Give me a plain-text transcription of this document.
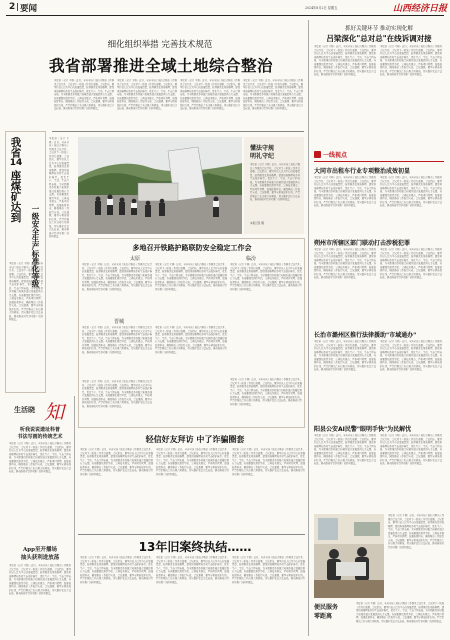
2 要闻	2024年8月2日 星期五	山西经济日报
细化组织举措 完善技术规范
我省部署推进全域土地综合整治
本报讯（记者 王晓）近日，全省全域土地综合整治工作推进会议召开，会议对下一阶段工作进行部署。会议指出，要坚持以人民为中心的发展思想，统筹推进农用地整理、建设用地整理和乡村生态保护修复，优化生产、生活、生态空间布局，为全面推进乡村振兴和城乡融合发展提供有力支撑。各地要细化组织举措，完善技术规范，严格项目管理，加强监督检查，确保整治工作取得实效。会议强调，要坚守耕地保护红线，严禁借整治之名违规占用耕地，切实维护农民合法权益，推动形成可复制可推广的经验做法。
本报讯（记者 王晓）近日，全省全域土地综合整治工作推进会议召开，会议对下一阶段工作进行部署。会议指出，要坚持以人民为中心的发展思想，统筹推进农用地整理、建设用地整理和乡村生态保护修复，优化生产、生活、生态空间布局，为全面推进乡村振兴和城乡融合发展提供有力支撑。各地要细化组织举措，完善技术规范，严格项目管理，加强监督检查，确保整治工作取得实效。会议强调，要坚守耕地保护红线，严禁借整治之名违规占用耕地，切实维护农民合法权益，推动形成可复制可推广的经验做法。
本报讯（记者 王晓）近日，全省全域土地综合整治工作推进会议召开，会议对下一阶段工作进行部署。会议指出，要坚持以人民为中心的发展思想，统筹推进农用地整理、建设用地整理和乡村生态保护修复，优化生产、生活、生态空间布局，为全面推进乡村振兴和城乡融合发展提供有力支撑。各地要细化组织举措，完善技术规范，严格项目管理，加强监督检查，确保整治工作取得实效。会议强调，要坚守耕地保护红线，严禁借整治之名违规占用耕地，切实维护农民合法权益，推动形成可复制可推广的经验做法。
本报讯（记者 王晓）近日，全省全域土地综合整治工作推进会议召开，会议对下一阶段工作进行部署。会议指出，要坚持以人民为中心的发展思想，统筹推进农用地整理、建设用地整理和乡村生态保护修复，优化生产、生活、生态空间布局，为全面推进乡村振兴和城乡融合发展提供有力支撑。各地要细化组织举措，完善技术规范，严格项目管理，加强监督检查，确保整治工作取得实效。会议强调，要坚守耕地保护红线，严禁借整治之名违规占用耕地，切实维护农民合法权益，推动形成可复制可推广的经验做法。
我省
14
座煤矿达到
一级安全生产标准化等级
本报讯（记者 王晓）近日，全省全域土地综合整治工作推进会议召开，会议对下一阶段工作进行部署。会议指出，要坚持以人民为中心的发展思想，统筹推进农用地整理、建设用地整理和乡村生态保护修复，优化生产、生活、生态空间布局，为全面推进乡村振兴和城乡融合发展提供有力支撑。各地要细化组织举措，完善技术规范，严格项目管理，加强监督检查，确保整治工作取得实效。会议强调，要坚守耕地保护红线，严禁借整治之名违规占用耕地，切实维护农民合法权益，推动形成可复制可推广的经验做法。
本报讯（记者 王晓）近日，全省全域土地综合整治工作推进会议召开，会议对下一阶段工作进行部署。会议指出，要坚持以人民为中心的发展思想，统筹推进农用地整理、建设用地整理和乡村生态保护修复，优化生产、生活、生态空间布局，为全面推进乡村振兴和城乡融合发展提供有力支撑。各地要细化组织举措，完善技术规范，严格项目管理，加强监督检查，确保整治工作取得实效。会议强调，要坚守耕地保护红线，严禁借整治之名违规占用耕地，切实维护农民合法权益，推动形成可复制可推广的经验做法。
生活晓 知
听我说说遗址科普
书法写画的传统艺术
本报讯（记者 王晓）近日，全省全域土地综合整治工作推进会议召开，会议对下一阶段工作进行部署。会议指出，要坚持以人民为中心的发展思想，统筹推进农用地整理、建设用地整理和乡村生态保护修复，优化生产、生活、生态空间布局，为全面推进乡村振兴和城乡融合发展提供有力支撑。各地要细化组织举措，完善技术规范，严格项目管理，加强监督检查，确保整治工作取得实效。会议强调，要坚守耕地保护红线，严禁借整治之名违规占用耕地，切实维护农民合法权益，推动形成可复制可推广的经验做法。
App至开播场
抽头获利进放荡
本报讯（记者 王晓）近日，全省全域土地综合整治工作推进会议召开，会议对下一阶段工作进行部署。会议指出，要坚持以人民为中心的发展思想，统筹推进农用地整理、建设用地整理和乡村生态保护修复，优化生产、生活、生态空间布局，为全面推进乡村振兴和城乡融合发展提供有力支撑。各地要细化组织举措，完善技术规范，严格项目管理，加强监督检查，确保整治工作取得实效。会议强调，要坚守耕地保护红线，严禁借整治之名违规占用耕地，切实维护农民合法权益，推动形成可复制可推广的经验做法。
懂法守规
明礼守纪
本报讯（记者 王晓）近日，全省全域土地综合整治工作推进会议召开，会议对下一阶段工作进行部署。会议指出，要坚持以人民为中心的发展思想，统筹推进农用地整理、建设用地整理和乡村生态保护修复，优化生产、生活、生态空间布局，为全面推进乡村振兴和城乡融合发展提供有力支撑。各地要细化组织举措，完善技术规范，严格项目管理，加强监督检查，确保整治工作取得实效。会议强调，要坚守耕地保护红线，严禁借整治之名违规占用耕地，切实维护农民合法权益，推动形成可复制可推广的经验做法。
本报记者 摄
多地召开铁路护路联防安全稳定工作会
太原	临汾
本报讯（记者 王晓）近日，全省全域土地综合整治工作推进会议召开，会议对下一阶段工作进行部署。会议指出，要坚持以人民为中心的发展思想，统筹推进农用地整理、建设用地整理和乡村生态保护修复，优化生产、生活、生态空间布局，为全面推进乡村振兴和城乡融合发展提供有力支撑。各地要细化组织举措，完善技术规范，严格项目管理，加强监督检查，确保整治工作取得实效。会议强调，要坚守耕地保护红线，严禁借整治之名违规占用耕地，切实维护农民合法权益，推动形成可复制可推广的经验做法。
本报讯（记者 王晓）近日，全省全域土地综合整治工作推进会议召开，会议对下一阶段工作进行部署。会议指出，要坚持以人民为中心的发展思想，统筹推进农用地整理、建设用地整理和乡村生态保护修复，优化生产、生活、生态空间布局，为全面推进乡村振兴和城乡融合发展提供有力支撑。各地要细化组织举措，完善技术规范，严格项目管理，加强监督检查，确保整治工作取得实效。会议强调，要坚守耕地保护红线，严禁借整治之名违规占用耕地，切实维护农民合法权益，推动形成可复制可推广的经验做法。
本报讯（记者 王晓）近日，全省全域土地综合整治工作推进会议召开，会议对下一阶段工作进行部署。会议指出，要坚持以人民为中心的发展思想，统筹推进农用地整理、建设用地整理和乡村生态保护修复，优化生产、生活、生态空间布局，为全面推进乡村振兴和城乡融合发展提供有力支撑。各地要细化组织举措，完善技术规范，严格项目管理，加强监督检查，确保整治工作取得实效。会议强调，要坚守耕地保护红线，严禁借整治之名违规占用耕地，切实维护农民合法权益，推动形成可复制可推广的经验做法。
晋城
本报讯（记者 王晓）近日，全省全域土地综合整治工作推进会议召开，会议对下一阶段工作进行部署。会议指出，要坚持以人民为中心的发展思想，统筹推进农用地整理、建设用地整理和乡村生态保护修复，优化生产、生活、生态空间布局，为全面推进乡村振兴和城乡融合发展提供有力支撑。各地要细化组织举措，完善技术规范，严格项目管理，加强监督检查，确保整治工作取得实效。会议强调，要坚守耕地保护红线，严禁借整治之名违规占用耕地，切实维护农民合法权益，推动形成可复制可推广的经验做法。
本报讯（记者 王晓）近日，全省全域土地综合整治工作推进会议召开，会议对下一阶段工作进行部署。会议指出，要坚持以人民为中心的发展思想，统筹推进农用地整理、建设用地整理和乡村生态保护修复，优化生产、生活、生态空间布局，为全面推进乡村振兴和城乡融合发展提供有力支撑。各地要细化组织举措，完善技术规范，严格项目管理，加强监督检查，确保整治工作取得实效。会议强调，要坚守耕地保护红线，严禁借整治之名违规占用耕地，切实维护农民合法权益，推动形成可复制可推广的经验做法。
本报讯（记者 王晓）近日，全省全域土地综合整治工作推进会议召开，会议对下一阶段工作进行部署。会议指出，要坚持以人民为中心的发展思想，统筹推进农用地整理、建设用地整理和乡村生态保护修复，优化生产、生活、生态空间布局，为全面推进乡村振兴和城乡融合发展提供有力支撑。各地要细化组织举措，完善技术规范，严格项目管理，加强监督检查，确保整治工作取得实效。会议强调，要坚守耕地保护红线，严禁借整治之名违规占用耕地，切实维护农民合法权益，推动形成可复制可推广的经验做法。
本报讯（记者 王晓）近日，全省全域土地综合整治工作推进会议召开，会议对下一阶段工作进行部署。会议指出，要坚持以人民为中心的发展思想，统筹推进农用地整理、建设用地整理和乡村生态保护修复，优化生产、生活、生态空间布局，为全面推进乡村振兴和城乡融合发展提供有力支撑。各地要细化组织举措，完善技术规范，严格项目管理，加强监督检查，确保整治工作取得实效。会议强调，要坚守耕地保护红线，严禁借整治之名违规占用耕地，切实维护农民合法权益，推动形成可复制可推广的经验做法。
轻信好友拜访 中了诈骗圈套
本报讯（记者 王晓）近日，全省全域土地综合整治工作推进会议召开，会议对下一阶段工作进行部署。会议指出，要坚持以人民为中心的发展思想，统筹推进农用地整理、建设用地整理和乡村生态保护修复，优化生产、生活、生态空间布局，为全面推进乡村振兴和城乡融合发展提供有力支撑。各地要细化组织举措，完善技术规范，严格项目管理，加强监督检查，确保整治工作取得实效。会议强调，要坚守耕地保护红线，严禁借整治之名违规占用耕地，切实维护农民合法权益，推动形成可复制可推广的经验做法。
本报讯（记者 王晓）近日，全省全域土地综合整治工作推进会议召开，会议对下一阶段工作进行部署。会议指出，要坚持以人民为中心的发展思想，统筹推进农用地整理、建设用地整理和乡村生态保护修复，优化生产、生活、生态空间布局，为全面推进乡村振兴和城乡融合发展提供有力支撑。各地要细化组织举措，完善技术规范，严格项目管理，加强监督检查，确保整治工作取得实效。会议强调，要坚守耕地保护红线，严禁借整治之名违规占用耕地，切实维护农民合法权益，推动形成可复制可推广的经验做法。
本报讯（记者 王晓）近日，全省全域土地综合整治工作推进会议召开，会议对下一阶段工作进行部署。会议指出，要坚持以人民为中心的发展思想，统筹推进农用地整理、建设用地整理和乡村生态保护修复，优化生产、生活、生态空间布局，为全面推进乡村振兴和城乡融合发展提供有力支撑。各地要细化组织举措，完善技术规范，严格项目管理，加强监督检查，确保整治工作取得实效。会议强调，要坚守耕地保护红线，严禁借整治之名违规占用耕地，切实维护农民合法权益，推动形成可复制可推广的经验做法。
13年旧案终执结……
本报讯（记者 王晓）近日，全省全域土地综合整治工作推进会议召开，会议对下一阶段工作进行部署。会议指出，要坚持以人民为中心的发展思想，统筹推进农用地整理、建设用地整理和乡村生态保护修复，优化生产、生活、生态空间布局，为全面推进乡村振兴和城乡融合发展提供有力支撑。各地要细化组织举措，完善技术规范，严格项目管理，加强监督检查，确保整治工作取得实效。会议强调，要坚守耕地保护红线，严禁借整治之名违规占用耕地，切实维护农民合法权益，推动形成可复制可推广的经验做法。
本报讯（记者 王晓）近日，全省全域土地综合整治工作推进会议召开，会议对下一阶段工作进行部署。会议指出，要坚持以人民为中心的发展思想，统筹推进农用地整理、建设用地整理和乡村生态保护修复，优化生产、生活、生态空间布局，为全面推进乡村振兴和城乡融合发展提供有力支撑。各地要细化组织举措，完善技术规范，严格项目管理，加强监督检查，确保整治工作取得实效。会议强调，要坚守耕地保护红线，严禁借整治之名违规占用耕地，切实维护农民合法权益，推动形成可复制可推广的经验做法。
本报讯（记者 王晓）近日，全省全域土地综合整治工作推进会议召开，会议对下一阶段工作进行部署。会议指出，要坚持以人民为中心的发展思想，统筹推进农用地整理、建设用地整理和乡村生态保护修复，优化生产、生活、生态空间布局，为全面推进乡村振兴和城乡融合发展提供有力支撑。各地要细化组织举措，完善技术规范，严格项目管理，加强监督检查，确保整治工作取得实效。会议强调，要坚守耕地保护红线，严禁借整治之名违规占用耕地，切实维护农民合法权益，推动形成可复制可推广的经验做法。
抓好关键环节 推动实现化解
吕梁深化"总对总"在线诉调对接
本报讯（记者 王晓）近日，全省全域土地综合整治工作推进会议召开，会议对下一阶段工作进行部署。会议指出，要坚持以人民为中心的发展思想，统筹推进农用地整理、建设用地整理和乡村生态保护修复，优化生产、生活、生态空间布局，为全面推进乡村振兴和城乡融合发展提供有力支撑。各地要细化组织举措，完善技术规范，严格项目管理，加强监督检查，确保整治工作取得实效。会议强调，要坚守耕地保护红线，严禁借整治之名违规占用耕地，切实维护农民合法权益，推动形成可复制可推广的经验做法。
本报讯（记者 王晓）近日，全省全域土地综合整治工作推进会议召开，会议对下一阶段工作进行部署。会议指出，要坚持以人民为中心的发展思想，统筹推进农用地整理、建设用地整理和乡村生态保护修复，优化生产、生活、生态空间布局，为全面推进乡村振兴和城乡融合发展提供有力支撑。各地要细化组织举措，完善技术规范，严格项目管理，加强监督检查，确保整治工作取得实效。会议强调，要坚守耕地保护红线，严禁借整治之名违规占用耕地，切实维护农民合法权益，推动形成可复制可推广的经验做法。
一线视点
大同市出租车行业专项整治成效初显
本报讯（记者 王晓）近日，全省全域土地综合整治工作推进会议召开，会议对下一阶段工作进行部署。会议指出，要坚持以人民为中心的发展思想，统筹推进农用地整理、建设用地整理和乡村生态保护修复，优化生产、生活、生态空间布局，为全面推进乡村振兴和城乡融合发展提供有力支撑。各地要细化组织举措，完善技术规范，严格项目管理，加强监督检查，确保整治工作取得实效。会议强调，要坚守耕地保护红线，严禁借整治之名违规占用耕地，切实维护农民合法权益，推动形成可复制可推广的经验做法。
本报讯（记者 王晓）近日，全省全域土地综合整治工作推进会议召开，会议对下一阶段工作进行部署。会议指出，要坚持以人民为中心的发展思想，统筹推进农用地整理、建设用地整理和乡村生态保护修复，优化生产、生活、生态空间布局，为全面推进乡村振兴和城乡融合发展提供有力支撑。各地要细化组织举措，完善技术规范，严格项目管理，加强监督检查，确保整治工作取得实效。会议强调，要坚守耕地保护红线，严禁借整治之名违规占用耕地，切实维护农民合法权益，推动形成可复制可推广的经验做法。
朔州市所辖区部门联动打击涉税犯罪
本报讯（记者 王晓）近日，全省全域土地综合整治工作推进会议召开，会议对下一阶段工作进行部署。会议指出，要坚持以人民为中心的发展思想，统筹推进农用地整理、建设用地整理和乡村生态保护修复，优化生产、生活、生态空间布局，为全面推进乡村振兴和城乡融合发展提供有力支撑。各地要细化组织举措，完善技术规范，严格项目管理，加强监督检查，确保整治工作取得实效。会议强调，要坚守耕地保护红线，严禁借整治之名违规占用耕地，切实维护农民合法权益，推动形成可复制可推广的经验做法。
本报讯（记者 王晓）近日，全省全域土地综合整治工作推进会议召开，会议对下一阶段工作进行部署。会议指出，要坚持以人民为中心的发展思想，统筹推进农用地整理、建设用地整理和乡村生态保护修复，优化生产、生活、生态空间布局，为全面推进乡村振兴和城乡融合发展提供有力支撑。各地要细化组织举措，完善技术规范，严格项目管理，加强监督检查，确保整治工作取得实效。会议强调，要坚守耕地保护红线，严禁借整治之名违规占用耕地，切实维护农民合法权益，推动形成可复制可推广的经验做法。
长治市潞州区推行法律援助"市域通办"
本报讯（记者 王晓）近日，全省全域土地综合整治工作推进会议召开，会议对下一阶段工作进行部署。会议指出，要坚持以人民为中心的发展思想，统筹推进农用地整理、建设用地整理和乡村生态保护修复，优化生产、生活、生态空间布局，为全面推进乡村振兴和城乡融合发展提供有力支撑。各地要细化组织举措，完善技术规范，严格项目管理，加强监督检查，确保整治工作取得实效。会议强调，要坚守耕地保护红线，严禁借整治之名违规占用耕地，切实维护农民合法权益，推动形成可复制可推广的经验做法。
本报讯（记者 王晓）近日，全省全域土地综合整治工作推进会议召开，会议对下一阶段工作进行部署。会议指出，要坚持以人民为中心的发展思想，统筹推进农用地整理、建设用地整理和乡村生态保护修复，优化生产、生活、生态空间布局，为全面推进乡村振兴和城乡融合发展提供有力支撑。各地要细化组织举措，完善技术规范，严格项目管理，加强监督检查，确保整治工作取得实效。会议强调，要坚守耕地保护红线，严禁借整治之名违规占用耕地，切实维护农民合法权益，推动形成可复制可推广的经验做法。
阳县公安AI民警"眼明手快"为民解忧
本报讯（记者 王晓）近日，全省全域土地综合整治工作推进会议召开，会议对下一阶段工作进行部署。会议指出，要坚持以人民为中心的发展思想，统筹推进农用地整理、建设用地整理和乡村生态保护修复，优化生产、生活、生态空间布局，为全面推进乡村振兴和城乡融合发展提供有力支撑。各地要细化组织举措，完善技术规范，严格项目管理，加强监督检查，确保整治工作取得实效。会议强调，要坚守耕地保护红线，严禁借整治之名违规占用耕地，切实维护农民合法权益，推动形成可复制可推广的经验做法。
本报讯（记者 王晓）近日，全省全域土地综合整治工作推进会议召开，会议对下一阶段工作进行部署。会议指出，要坚持以人民为中心的发展思想，统筹推进农用地整理、建设用地整理和乡村生态保护修复，优化生产、生活、生态空间布局，为全面推进乡村振兴和城乡融合发展提供有力支撑。各地要细化组织举措，完善技术规范，严格项目管理，加强监督检查，确保整治工作取得实效。会议强调，要坚守耕地保护红线，严禁借整治之名违规占用耕地，切实维护农民合法权益，推动形成可复制可推广的经验做法。
本报讯（记者 王晓）近日，全省全域土地综合整治工作推进会议召开，会议对下一阶段工作进行部署。会议指出，要坚持以人民为中心的发展思想，统筹推进农用地整理、建设用地整理和乡村生态保护修复，优化生产、生活、生态空间布局，为全面推进乡村振兴和城乡融合发展提供有力支撑。各地要细化组织举措，完善技术规范，严格项目管理，加强监督检查，确保整治工作取得实效。会议强调，要坚守耕地保护红线，严禁借整治之名违规占用耕地，切实维护农民合法权益，推动形成可复制可推广的经验做法。
便民服务
零距离
本报讯（记者 王晓）近日，全省全域土地综合整治工作推进会议召开，会议对下一阶段工作进行部署。会议指出，要坚持以人民为中心的发展思想，统筹推进农用地整理、建设用地整理和乡村生态保护修复，优化生产、生活、生态空间布局，为全面推进乡村振兴和城乡融合发展提供有力支撑。各地要细化组织举措，完善技术规范，严格项目管理，加强监督检查，确保整治工作取得实效。会议强调，要坚守耕地保护红线，严禁借整治之名违规占用耕地，切实维护农民合法权益，推动形成可复制可推广的经验做法。
